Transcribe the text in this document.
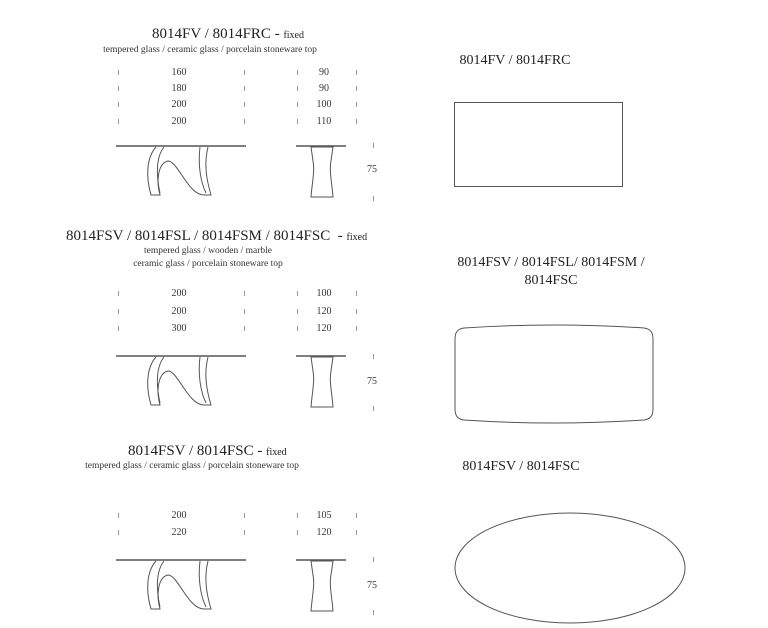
8014FV / 8014FRC - fixed
tempered glass / ceramic glass / porcelain stoneware top
160
180
200
200
90
90
100
110
75
8014FV / 8014FRC
8014FSV / 8014FSL / 8014FSM / 8014FSC  - fixed
tempered glass / wooden / marble
ceramic glass / porcelain stoneware top
200
200
300
100
120
120
75
8014FSV / 8014FSL/ 8014FSM /
8014FSC
8014FSV / 8014FSC - fixed
tempered glass / ceramic glass / porcelain stoneware top
200
220
105
120
75
8014FSV / 8014FSC
